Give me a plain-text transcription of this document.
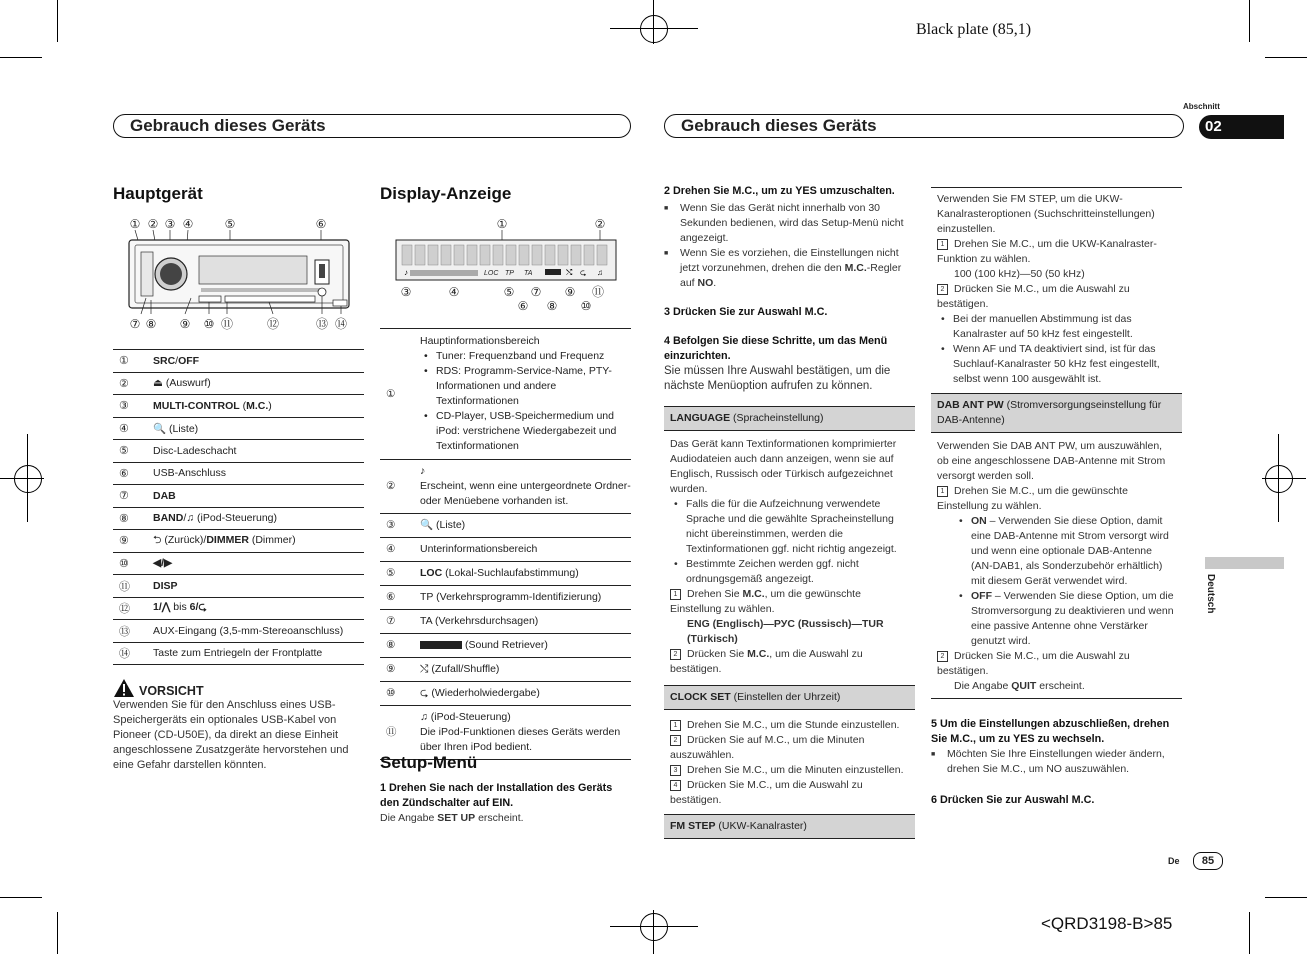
Black plate (85,1)
<QRD3198-B>85
Gebrauch dieses Geräts	Gebrauch dieses Geräts
Abschnitt
02
Deutsch
De	85
Hauptgerät
① ② ③ ④	⑤	⑥
⑦ ⑧ ⑨ ⑩ ⑪	⑫	⑬ ⑭
①	SRC/OFF
②	⏏ (Auswurf)
③	MULTI-CONTROL (M.C.)
④	🔍 (Liste)
⑤	Disc-Ladeschacht
⑥	USB-Anschluss
⑦	DAB
⑧	BAND/♫ (iPod-Steuerung)
⑨	⮌ (Zurück)/DIMMER (Dimmer)
⑩	◀/▶
⑪	DISP
⑫	1/⋀ bis 6/⮎
⑬	AUX-Eingang (3,5-mm-Stereoanschluss)
⑭	Taste zum Entriegeln der Frontplatte
VORSICHT
Verwenden Sie für den Anschluss eines USB-Speichergeräts ein optionales USB-Kabel von Pioneer (CD-U50E), da direkt an diese Einheit angeschlossene Zusatzgeräte hervorstehen und eine Gefahr darstellen könnten.
Display-Anzeige
①	②
♪	LOC TP TA	⤭ ⮎ ♫
③	④	⑤ ⑦ ⑨ ⑪
⑥ ⑧ ⑩
①	Hauptinformationsbereich

• Tuner: Frequenzband und Frequenz

• RDS: Programm-Service-Name, PTY-Informationen und andere Textinformationen

• CD-Player, USB-Speichermedium und iPod: verstrichene Wiedergabezeit und Textinformationen

②	♪
Erscheint, wenn eine untergeordnete Ordner- oder Menüebene vorhanden ist.

③	🔍 (Liste)
④	Unterinformationsbereich
⑤	LOC (Lokal-Suchlaufabstimmung)
⑥	TP (Verkehrsprogramm-Identifizierung)
⑦	TA (Verkehrsdurchsagen)
⑧	(Sound Retriever)
⑨	⤭ (Zufall/Shuffle)
⑩	⮎ (Wiederholwiedergabe)
⑪	♫ (iPod-Steuerung)
Die iPod-Funktionen dieses Geräts werden über Ihren iPod bedient.
Setup-Menü

1 Drehen Sie nach der Installation des Geräts den Zündschalter auf EIN.

Die Angabe SET UP erscheint.

2 Drehen Sie M.C., um zu YES umzuschalten.

■ Wenn Sie das Gerät nicht innerhalb von 30 Sekunden bedienen, wird das Setup-Menü nicht angezeigt.

■ Wenn Sie es vorziehen, die Einstellungen nicht jetzt vorzunehmen, drehen die den M.C.-Regler auf NO.

3 Drücken Sie zur Auswahl M.C.

4 Befolgen Sie diese Schritte, um das Menü einzurichten.

Sie müssen Ihre Auswahl bestätigen, um die nächste Menüoption aufrufen zu können.

LANGUAGE (Spracheinstellung)

Das Gerät kann Textinformationen komprimierter Audiodateien auch dann anzeigen, wenn sie auf Englisch, Russisch oder Türkisch aufgezeichnet wurden.

• Falls die für die Aufzeichnung verwendete Sprache und die gewählte Spracheinstellung nicht übereinstimmen, werden die Textinformationen ggf. nicht richtig angezeigt.

• Bestimmte Zeichen werden ggf. nicht ordnungsgemäß angezeigt.

1 Drehen Sie M.C., um die gewünschte Einstellung zu wählen.

ENG (Englisch)—РУС (Russisch)—TUR (Türkisch)

2 Drücken Sie M.C., um die Auswahl zu bestätigen.

CLOCK SET (Einstellen der Uhrzeit)

1 Drehen Sie M.C., um die Stunde einzustellen.

2 Drücken Sie auf M.C., um die Minuten auszuwählen.

3 Drehen Sie M.C., um die Minuten einzustellen.

4 Drücken Sie M.C., um die Auswahl zu bestätigen.

FM STEP (UKW-Kanalraster)

Verwenden Sie FM STEP, um die UKW-Kanalrasteroptionen (Suchschritteinstellungen) einzustellen.

1 Drehen Sie M.C., um die UKW-Kanalraster-Funktion zu wählen.

100 (100 kHz)—50 (50 kHz)

2 Drücken Sie M.C., um die Auswahl zu bestätigen.

• Bei der manuellen Abstimmung ist das Kanalraster auf 50 kHz fest eingestellt.

• Wenn AF und TA deaktiviert sind, ist für das Suchlauf-Kanalraster 50 kHz fest eingestellt, selbst wenn 100 ausgewählt ist.

DAB ANT PW (Stromversorgungseinstellung für DAB-Antenne)

Verwenden Sie DAB ANT PW, um auszuwählen, ob eine angeschlossene DAB-Antenne mit Strom versorgt werden soll.

1 Drehen Sie M.C., um die gewünschte Einstellung zu wählen.

• ON – Verwenden Sie diese Option, damit eine DAB-Antenne mit Strom versorgt wird und wenn eine optionale DAB-Antenne (AN-DAB1, als Sonderzubehör erhältlich) mit diesem Gerät verwendet wird.

• OFF – Verwenden Sie diese Option, um die Stromversorgung zu deaktivieren und wenn eine passive Antenne ohne Verstärker genutzt wird.

2 Drücken Sie M.C., um die Auswahl zu bestätigen.

Die Angabe QUIT erscheint.

5 Um die Einstellungen abzuschließen, drehen Sie M.C., um zu YES zu wechseln.

■ Möchten Sie Ihre Einstellungen wieder ändern, drehen Sie M.C., um NO auszuwählen.

6 Drücken Sie zur Auswahl M.C.
